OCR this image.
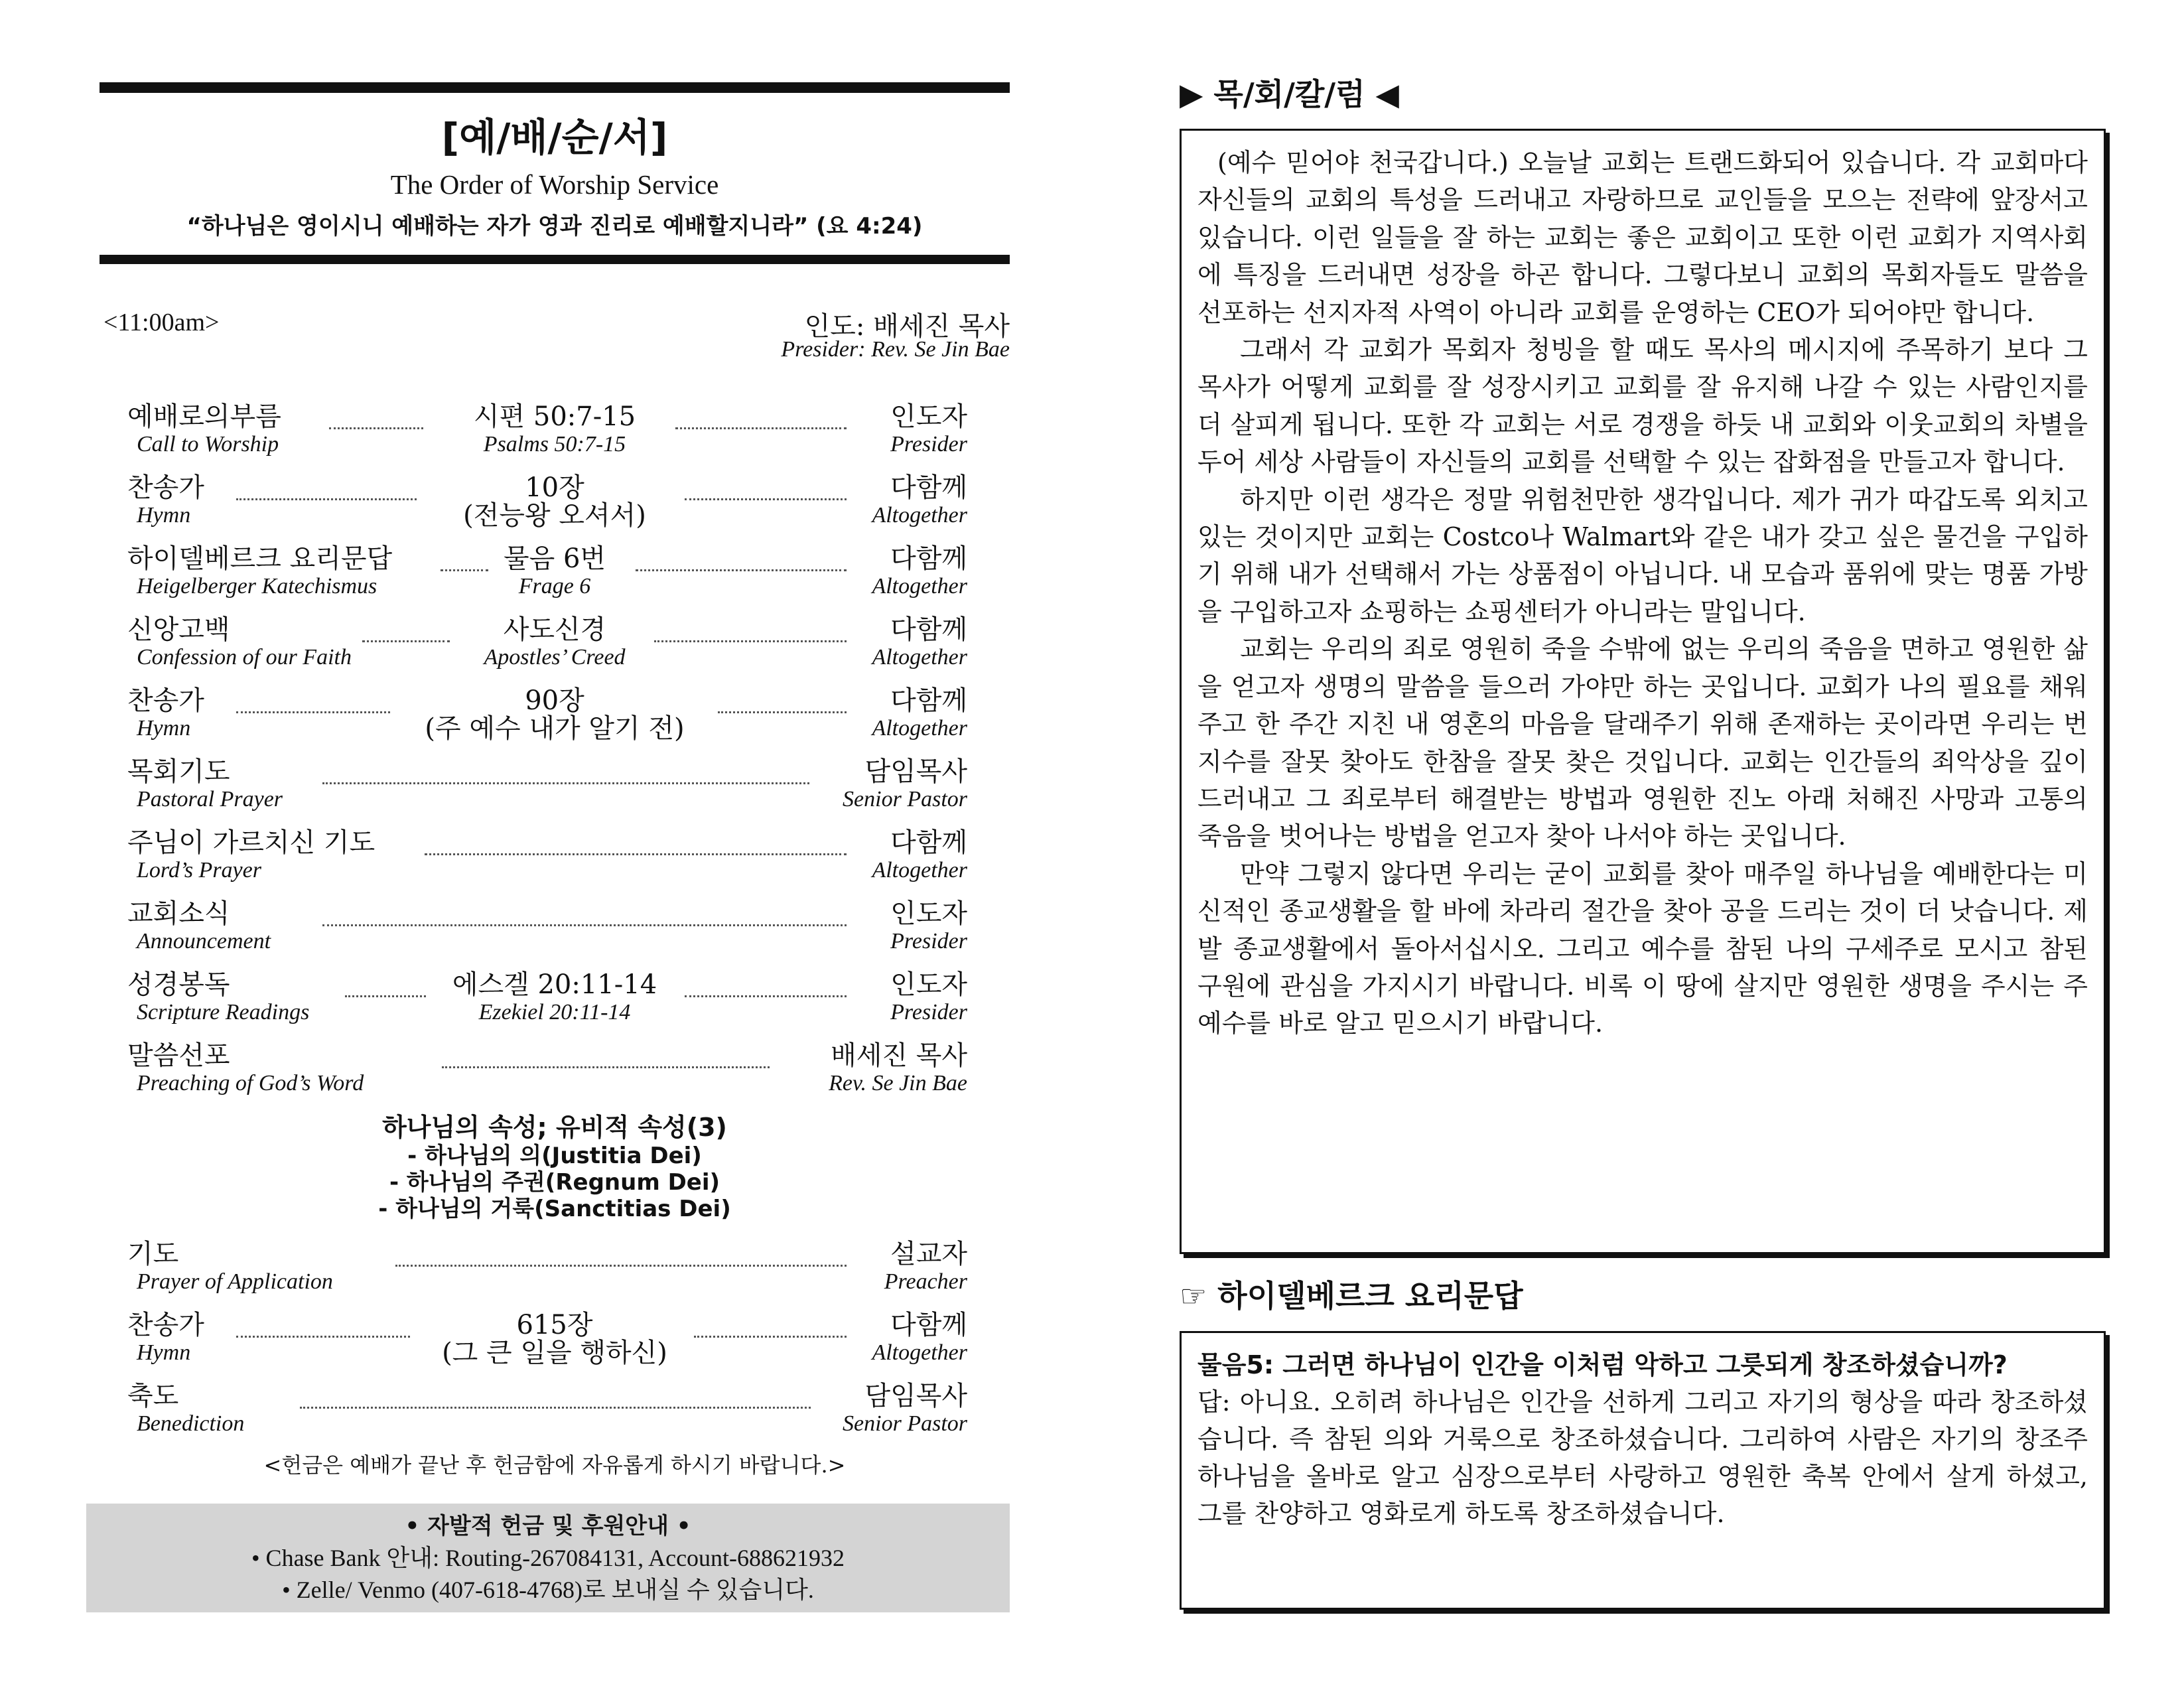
[예/배/순/서]
The Order of Worship Service
“하나님은 영이시니 예배하는 자가 영과 진리로 예배할지니라” (요 4:24)
<11:00am>	인도: 배세진 목사
Presider: Rev. Se Jin Bae
예배로의부름
Call to Worship
시편 50:7-15
Psalms 50:7-15
인도자
Presider
찬송가
Hymn
10장
(전능왕 오셔서)
다함께
Altogether
하이델베르크 요리문답
Heigelberger Katechismus
물음 6번
Frage 6
다함께
Altogether
신앙고백
Confession of our Faith
사도신경
Apostles’ Creed
다함께
Altogether
찬송가
Hymn
90장
(주 예수 내가 알기 전)
다함께
Altogether
목회기도
Pastoral Prayer
담임목사
Senior Pastor
주님이 가르치신 기도
Lord’s Prayer
다함께
Altogether
교회소식
Announcement
인도자
Presider
성경봉독
Scripture Readings
에스겔 20:11-14
Ezekiel 20:11-14
인도자
Presider
말씀선포
Preaching of God’s Word
배세진 목사
Rev. Se Jin Bae
기도
Prayer of Application
설교자
Preacher
찬송가
Hymn
615장
(그 큰 일을 행하신)
다함께
Altogether
축도
Benediction
담임목사
Senior Pastor
하나님의 속성; 유비적 속성(3)
- 하나님의 의(Justitia Dei)
- 하나님의 주권(Regnum Dei)
- 하나님의 거룩(Sanctitias Dei)
<헌금은 예배가 끝난 후 헌금함에 자유롭게 하시기 바랍니다.>
• 자발적 헌금 및 후원안내 •
• Chase Bank 안내: Routing-267084131, Account-688621932
• Zelle/ Venmo (407-618-4768)로 보내실 수 있습니다.
▶ 목/회/칼/럼 ◀

(예수 믿어야 천국갑니다.) 오늘날 교회는 트랜드화되어 있습니다. 각 교회마다 자신들의 교회의 특성을 드러내고 자랑하므로 교인들을 모으는 전략에 앞장서고 있습니다. 이런 일들을 잘 하는 교회는 좋은 교회이고 또한 이런 교회가 지역사회에 특징을 드러내면 성장을 하곤 합니다. 그렇다보니 교회의 목회자들도 말씀을 선포하는 선지자적 사역이 아니라 교회를 운영하는 CEO가 되어야만 합니다.

그래서 각 교회가 목회자 청빙을 할 때도 목사의 메시지에 주목하기 보다 그 목사가 어떻게 교회를 잘 성장시키고 교회를 잘 유지해 나갈 수 있는 사람인지를 더 살피게 됩니다. 또한 각 교회는 서로 경쟁을 하듯 내 교회와 이웃교회의 차별을 두어 세상 사람들이 자신들의 교회를 선택할 수 있는 잡화점을 만들고자 합니다.

하지만 이런 생각은 정말 위험천만한 생각입니다. 제가 귀가 따갑도록 외치고 있는 것이지만 교회는 Costco나 Walmart와 같은 내가 갖고 싶은 물건을 구입하기 위해 내가 선택해서 가는 상품점이 아닙니다. 내 모습과 품위에 맞는 명품 가방을 구입하고자 쇼핑하는 쇼핑센터가 아니라는 말입니다.

교회는 우리의 죄로 영원히 죽을 수밖에 없는 우리의 죽음을 면하고 영원한 삶을 얻고자 생명의 말씀을 들으러 가야만 하는 곳입니다. 교회가 나의 필요를 채워주고 한 주간 지친 내 영혼의 마음을 달래주기 위해 존재하는 곳이라면 우리는 번지수를 잘못 찾아도 한참을 잘못 찾은 것입니다. 교회는 인간들의 죄악상을 깊이 드러내고 그 죄로부터 해결받는 방법과 영원한 진노 아래 처해진 사망과 고통의 죽음을 벗어나는 방법을 얻고자 찾아 나서야 하는 곳입니다.

만약 그렇지 않다면 우리는 굳이 교회를 찾아 매주일 하나님을 예배한다는 미신적인 종교생활을 할 바에 차라리 절간을 찾아 공을 드리는 것이 더 낫습니다. 제발 종교생활에서 돌아서십시오. 그리고 예수를 참된 나의 구세주로 모시고 참된 구원에 관심을 가지시기 바랍니다. 비록 이 땅에 살지만 영원한 생명을 주시는 주 예수를 바로 알고 믿으시기 바랍니다.

☞ 하이델베르크 요리문답

물음5: 그러면 하나님이 인간을 이처럼 악하고 그릇되게 창조하셨습니까?

답: 아니요. 오히려 하나님은 인간을 선하게 그리고 자기의 형상을 따라 창조하셨습니다. 즉 참된 의와 거룩으로 창조하셨습니다. 그리하여 사람은 자기의 창조주 하나님을 올바로 알고 심장으로부터 사랑하고 영원한 축복 안에서 살게 하셨고, 그를 찬양하고 영화로게 하도록 창조하셨습니다.
